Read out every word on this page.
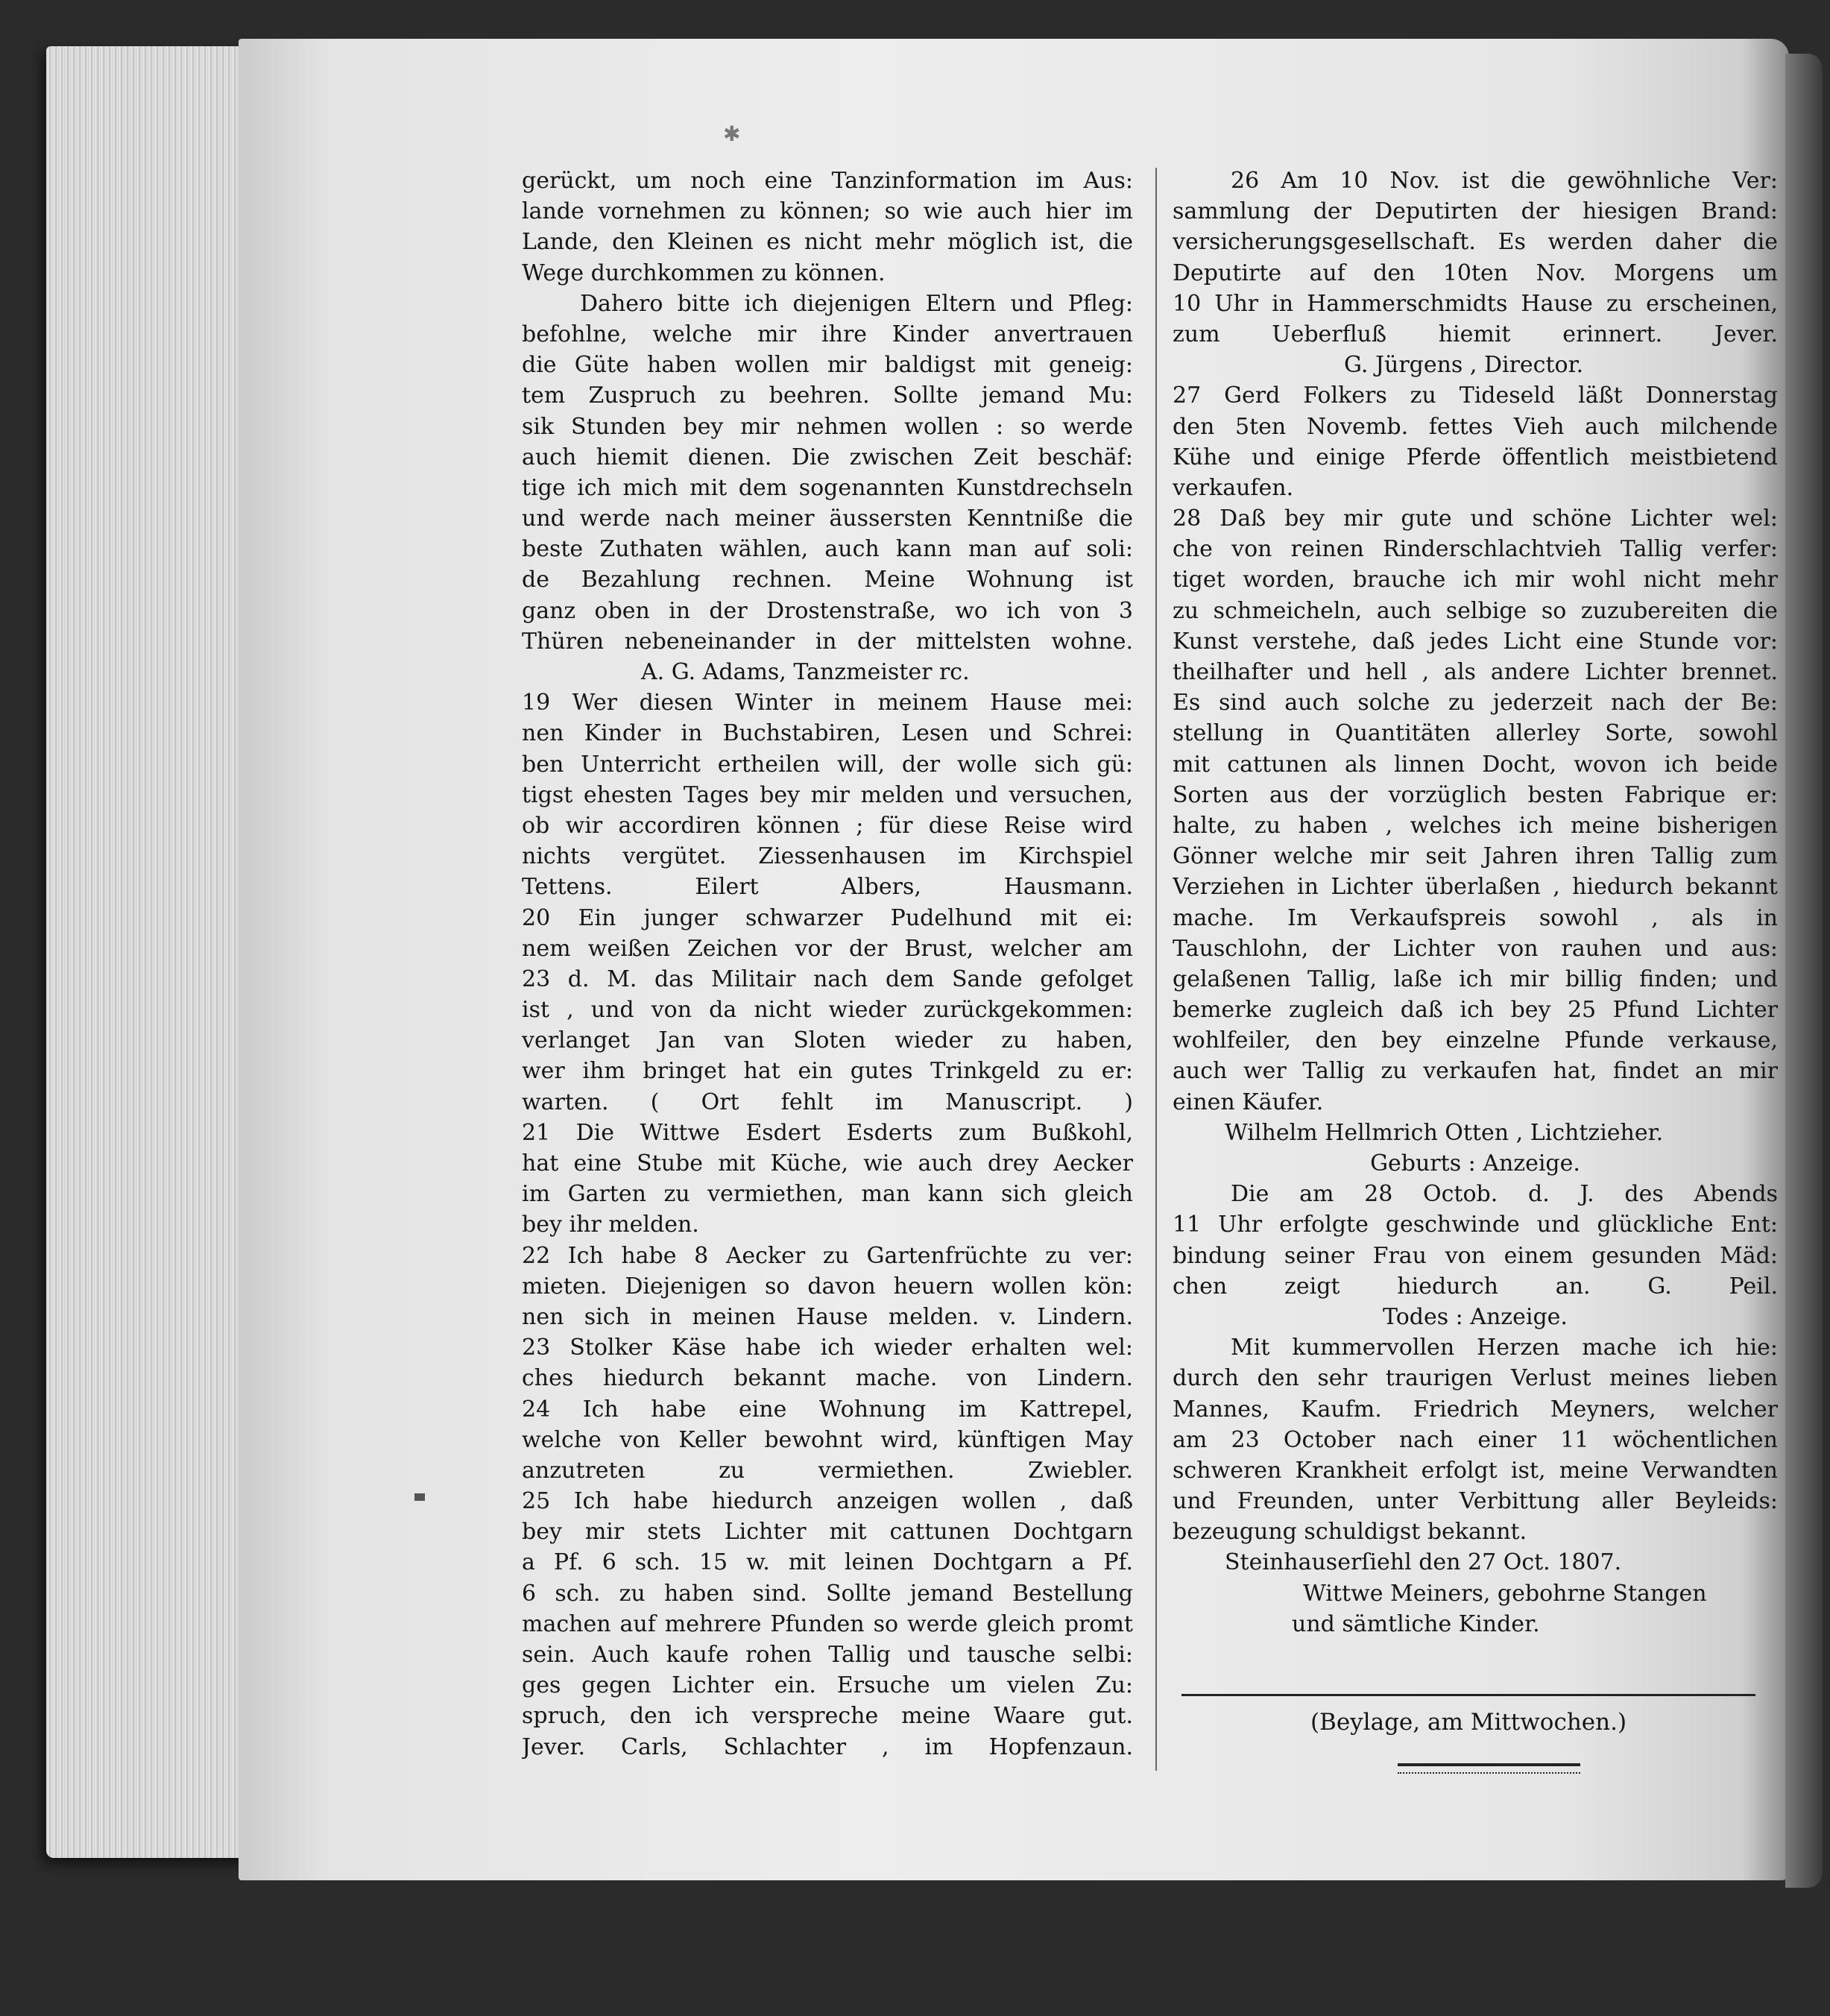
✱
gerückt, um noch eine Tanzinformation im Aus:
lande vornehmen zu können; so wie auch hier im
Lande, den Kleinen es nicht mehr möglich ist, die
Wege durchkommen zu können.
Dahero bitte ich diejenigen Eltern und Pfleg:
befohlne, welche mir ihre Kinder anvertrauen
die Güte haben wollen mir baldigst mit geneig:
tem Zuspruch zu beehren. Sollte jemand Mu:
sik Stunden bey mir nehmen wollen : so werde
auch hiemit dienen. Die zwischen Zeit beschäf:
tige ich mich mit dem sogenannten Kunstdrechseln
und werde nach meiner äussersten Kenntniße die
beste Zuthaten wählen, auch kann man auf soli:
de Bezahlung rechnen. Meine Wohnung ist
ganz oben in der Drostenstraße, wo ich von 3
Thüren nebeneinander in der mittelsten wohne.
A. G. Adams, Tanzmeister rc.
19 Wer diesen Winter in meinem Hause mei:
nen Kinder in Buchstabiren, Lesen und Schrei:
ben Unterricht ertheilen will, der wolle sich gü:
tigst ehesten Tages bey mir melden und versuchen,
ob wir accordiren können ; für diese Reise wird
nichts vergütet. Ziessenhausen im Kirchspiel
Tettens. Eilert Albers, Hausmann.
20 Ein junger schwarzer Pudelhund mit ei:
nem weißen Zeichen vor der Brust, welcher am
23 d. M. das Militair nach dem Sande gefolget
ist , und von da nicht wieder zurückgekommen:
verlanget Jan van Sloten wieder zu haben,
wer ihm bringet hat ein gutes Trinkgeld zu er:
warten. ( Ort fehlt im Manuscript. )
21 Die Wittwe Esdert Esderts zum Bußkohl,
hat eine Stube mit Küche, wie auch drey Aecker
im Garten zu vermiethen, man kann sich gleich
bey ihr melden.
22 Ich habe 8 Aecker zu Gartenfrüchte zu ver:
mieten. Diejenigen so davon heuern wollen kön:
nen sich in meinen Hause melden. v. Lindern.
23 Stolker Käse habe ich wieder erhalten wel:
ches hiedurch bekannt mache. von Lindern.
24 Ich habe eine Wohnung im Kattrepel,
welche von Keller bewohnt wird, künftigen May
anzutreten zu vermiethen. Zwiebler.
25 Ich habe hiedurch anzeigen wollen , daß
bey mir stets Lichter mit cattunen Dochtgarn
a Pf. 6 sch. 15 w. mit leinen Dochtgarn a Pf.
6 sch. zu haben sind. Sollte jemand Bestellung
machen auf mehrere Pfunden so werde gleich promt
sein. Auch kaufe rohen Tallig und tausche selbi:
ges gegen Lichter ein. Ersuche um vielen Zu:
spruch, den ich verspreche meine Waare gut.
Jever. Carls, Schlachter , im Hopfenzaun.
26 Am 10 Nov. ist die gewöhnliche Ver:
sammlung der Deputirten der hiesigen Brand:
versicherungsgesellschaft. Es werden daher die
Deputirte auf den 10ten Nov. Morgens um
10 Uhr in Hammerschmidts Hause zu erscheinen,
zum Ueberfluß hiemit erinnert. Jever.
G. Jürgens , Director.
27 Gerd Folkers zu Tideseld läßt Donnerstag
den 5ten Novemb. fettes Vieh auch milchende
Kühe und einige Pferde öffentlich meistbietend
verkaufen.
28 Daß bey mir gute und schöne Lichter wel:
che von reinen Rinderschlachtvieh Tallig verfer:
tiget worden, brauche ich mir wohl nicht mehr
zu schmeicheln, auch selbige so zuzubereiten die
Kunst verstehe, daß jedes Licht eine Stunde vor:
theilhafter und hell , als andere Lichter brennet.
Es sind auch solche zu jederzeit nach der Be:
stellung in Quantitäten allerley Sorte, sowohl
mit cattunen als linnen Docht, wovon ich beide
Sorten aus der vorzüglich besten Fabrique er:
halte, zu haben , welches ich meine bisherigen
Gönner welche mir seit Jahren ihren Tallig zum
Verziehen in Lichter überlaßen , hiedurch bekannt
mache. Im Verkaufspreis sowohl , als in
Tauschlohn, der Lichter von rauhen und aus:
gelaßenen Tallig, laße ich mir billig finden; und
bemerke zugleich daß ich bey 25 Pfund Lichter
wohlfeiler, den bey einzelne Pfunde verkause,
auch wer Tallig zu verkaufen hat, findet an mir
einen Käufer.
Wilhelm Hellmrich Otten , Lichtzieher.
Geburts : Anzeige.
Die am 28 Octob. d. J. des Abends
11 Uhr erfolgte geschwinde und glückliche Ent:
bindung seiner Frau von einem gesunden Mäd:
chen zeigt hiedurch an. G. Peil.
Todes : Anzeige.
Mit kummervollen Herzen mache ich hie:
durch den sehr traurigen Verlust meines lieben
Mannes, Kaufm. Friedrich Meyners, welcher
am 23 October nach einer 11 wöchentlichen
schweren Krankheit erfolgt ist, meine Verwandten
und Freunden, unter Verbittung aller Beyleids:
bezeugung schuldigst bekannt.
Steinhauserſiehl den 27 Oct. 1807.
Wittwe Meiners, gebohrne Stangen
und sämtliche Kinder.
(Beylage, am Mittwochen.)
